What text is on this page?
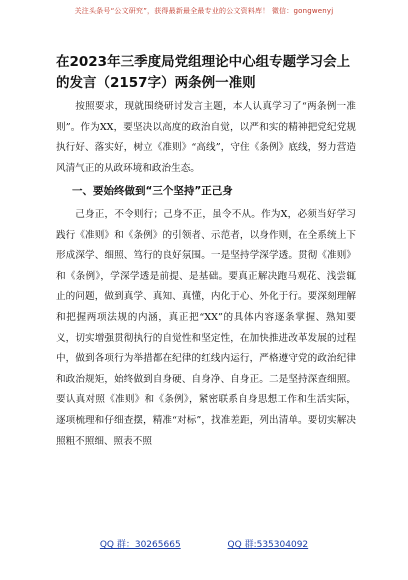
关注头条号“公文研究”，获得最新最全最专业的公文资料库！ 微信：gongwenyj
在2023年三季度局党组理论中心组专题学习会上的发言（2157字）两条例一准则

按照要求，现就围绕研讨发言主题，本人认真学习了“两条例一准则”。作为XX，要坚决以高度的政治自觉，以严和实的精神把党纪党规执行好、落实好，树立《准则》“高线”，守住《条例》底线，努力营造风清气正的从政环境和政治生态。

一、要始终做到“三个坚持”正己身

己身正，不令则行；己身不正，虽令不从。作为X，必须当好学习践行《准则》和《条例》的引领者、示范者，以身作则，在全系统上下形成深学、细照、笃行的良好氛围。一是坚持学深学透。贯彻《准则》和《条例》，学深学透是前提、是基础。要真正解决跑马观花、浅尝辄止的问题，做到真学、真知、真懂，内化于心、外化于行。要深刻理解和把握两项法规的内涵，真正把“XX”的具体内容逐条掌握、熟知要义，切实增强贯彻执行的自觉性和坚定性，在加快推进改革发展的过程中，做到各项行为举措都在纪律的红线内运行，严格遵守党的政治纪律和政治规矩，始终做到自身硬、自身净、自身正。二是坚持深查细照。要认真对照《准则》和《条例》，紧密联系自身思想工作和生活实际，逐项梳理和仔细查摆，精准“对标”，找准差距，列出清单。要切实解决照粗不照细、照表不照

QQ 群：30265665	QQ 群:535304092
